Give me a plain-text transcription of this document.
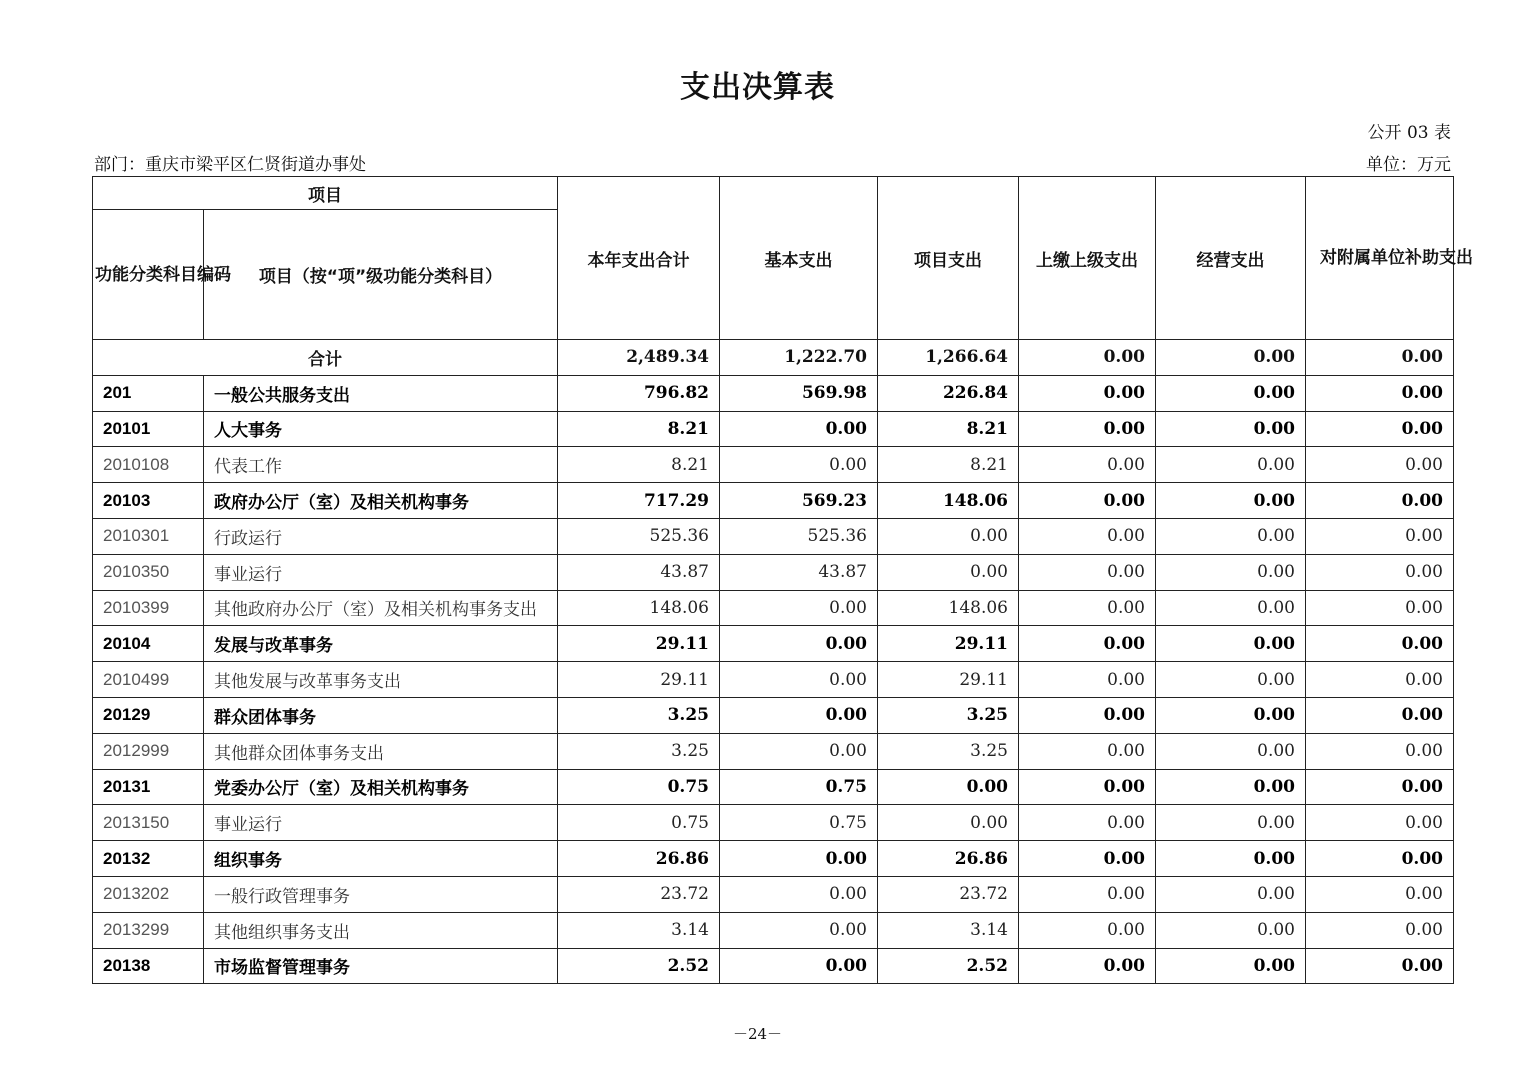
支出决算表
公开 03 表
部门：重庆市梁平区仁贤街道办事处	单位：万元
项目		本年支出合计	基本支出	项目支出	上缴上级支出	经营支出	对附属单位补助支出
功能分类科目编码	项目（按“项”级功能分类科目）						
合计		2,489.34	1,222.70	1,266.64	0.00	0.00	0.00
201	一般公共服务支出	796.82	569.98	226.84	0.00	0.00	0.00
20101	人大事务	8.21	0.00	8.21	0.00	0.00	0.00
2010108	代表工作	8.21	0.00	8.21	0.00	0.00	0.00
20103	政府办公厅（室）及相关机构事务	717.29	569.23	148.06	0.00	0.00	0.00
2010301	行政运行	525.36	525.36	0.00	0.00	0.00	0.00
2010350	事业运行	43.87	43.87	0.00	0.00	0.00	0.00
2010399	其他政府办公厅（室）及相关机构事务支出	148.06	0.00	148.06	0.00	0.00	0.00
20104	发展与改革事务	29.11	0.00	29.11	0.00	0.00	0.00
2010499	其他发展与改革事务支出	29.11	0.00	29.11	0.00	0.00	0.00
20129	群众团体事务	3.25	0.00	3.25	0.00	0.00	0.00
2012999	其他群众团体事务支出	3.25	0.00	3.25	0.00	0.00	0.00
20131	党委办公厅（室）及相关机构事务	0.75	0.75	0.00	0.00	0.00	0.00
2013150	事业运行	0.75	0.75	0.00	0.00	0.00	0.00
20132	组织事务	26.86	0.00	26.86	0.00	0.00	0.00
2013202	一般行政管理事务	23.72	0.00	23.72	0.00	0.00	0.00
2013299	其他组织事务支出	3.14	0.00	3.14	0.00	0.00	0.00
20138	市场监督管理事务	2.52	0.00	2.52	0.00	0.00	0.00
－24－
